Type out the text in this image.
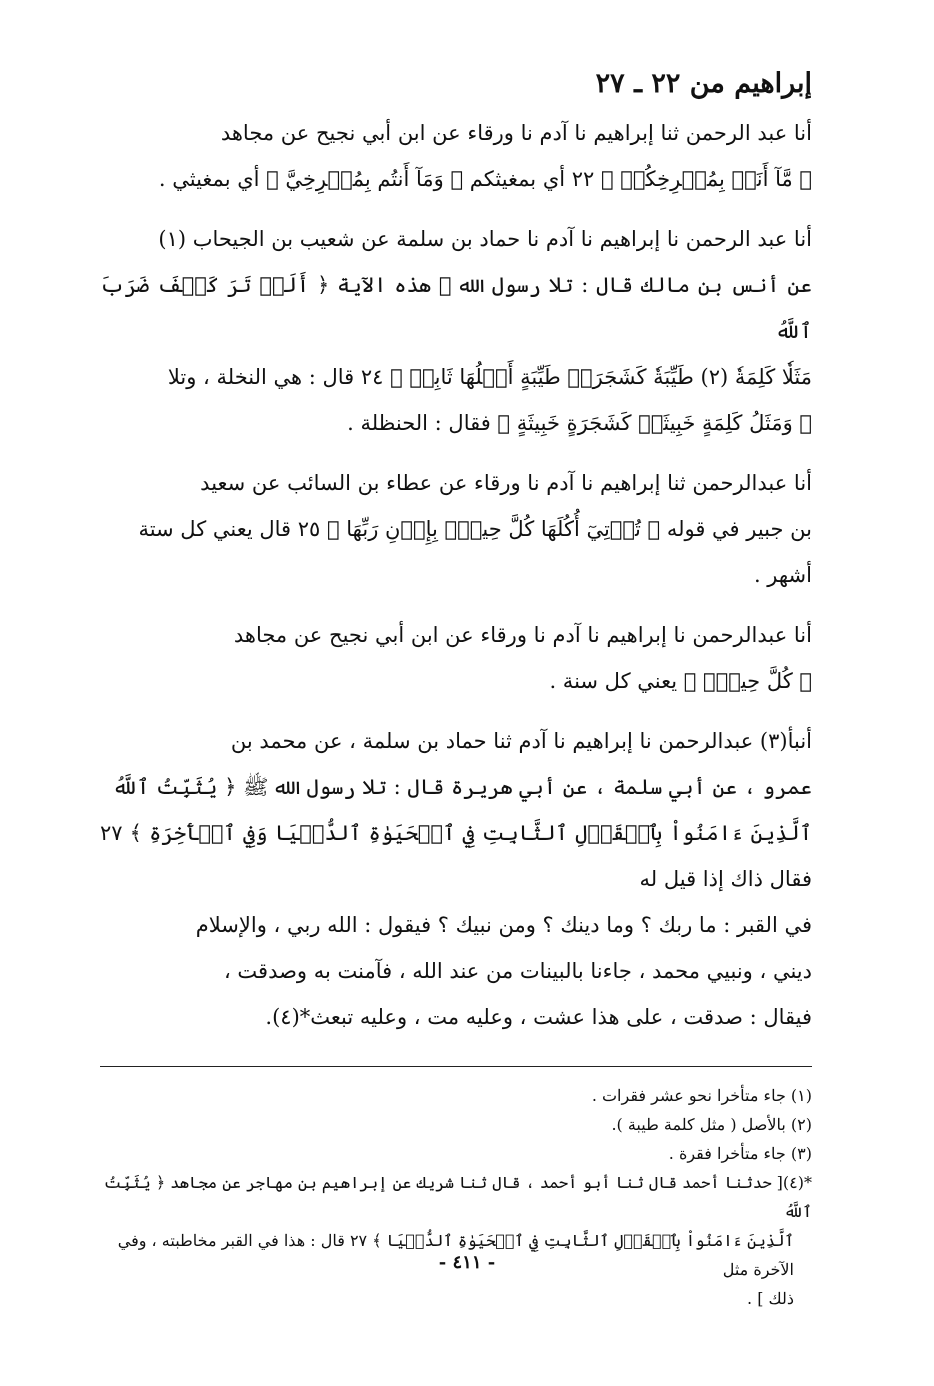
إبراهيم من ٢٢ ـ ٢٧

أنا عبد الرحمن ثنا إبراهيم نا آدم نا ورقاء عن ابن أبي نجيح عن مجاهد

﴿ مَّآ أَنَا۠ بِمُصۡرِخِكُمۡ ﴾ ٢٢ أي بمغيثكم ﴿ وَمَآ أَنتُم بِمُصۡرِخِيَّ ﴾ أي بمغيثي .

أنا عبد الرحمن نا إبراهيم نا آدم نا حماد بن سلمة عن شعيب بن الجيحاب (١)

عن أنس بن مالك قال : تلا رسول الله ﷺ هذه الآية ﴿ أَلَمۡ تَرَ كَيۡفَ ضَرَبَ ٱللَّهُ

مَثَلٗا كَلِمَةٗ (٢) طَيِّبَةٗ كَشَجَرَةٖ طَيِّبَةٍ أَصۡلُهَا ثَابِتٞ ﴾ ٢٤ قال : هي النخلة ، وتلا

﴿ وَمَثَلُ كَلِمَةٍ خَبِيثَةٖ كَشَجَرَةٍ خَبِيثَةٍ ﴾ فقال : الحنظلة .

أنا عبدالرحمن ثنا إبراهيم نا آدم نا ورقاء عن عطاء بن السائب عن سعيد

بن جبير في قوله ﴿ تُؤۡتِيٓ أُكُلَهَا كُلَّ حِينِۭ بِإِذۡنِ رَبِّهَا ﴾ ٢٥ قال يعني كل ستة

أشهر .

أنا عبدالرحمن نا إبراهيم نا آدم نا ورقاء عن ابن أبي نجيح عن مجاهد

﴿ كُلَّ حِينِۭ ﴾ يعني كل سنة .

أنبأ(٣) عبدالرحمن نا إبراهيم نا آدم ثنا حماد بن سلمة ، عن محمد بن

عمرو ، عن أبي سلمة ، عن أبي هريرة قال : تلا رسول الله ﷺ ﴿ يُثَبِّتُ ٱللَّهُ

ٱلَّذِينَ ءَامَنُواْ بِٱلۡقَوۡلِ ٱلثَّابِتِ فِي ٱلۡحَيَوٰةِ ٱلدُّنۡيَا وَفِي ٱلۡأٓخِرَةِ ﴾ ٢٧ فقال ذاك إذا قيل له

في القبر : ما ربك ؟ وما دينك ؟ ومن نبيك ؟ فيقول : الله ربي ، والإسلام

ديني ، ونبيي محمد ، جاءنا بالبينات من عند الله ، فآمنت به وصدقت ،

فيقال : صدقت ، على هذا عشت ، وعليه مت ، وعليه تبعث*(٤).

(١) جاء متأخرا نحو عشر فقرات .

(٢) بالأصل ( مثل كلمة طيبة ).

(٣) جاء متأخرا فقرة .

*(٤)[ حدثنا أحمد قال ثنا أبو أحمد ، قال ثنا شريك عن إبراهيم بن مهاجر عن مجاهد ﴿ يُثَبِّتُ ٱللَّهُ

ٱلَّذِينَ ءَامَنُواْ بِٱلۡقَوۡلِ ٱلثَّابِتِ فِي ٱلۡحَيَوٰةِ ٱلدُّنۡيَا ﴾ ٢٧ قال : هذا في القبر مخاطبته ، وفي الآخرة مثل

ذلك ] .

- ٤١١ -
